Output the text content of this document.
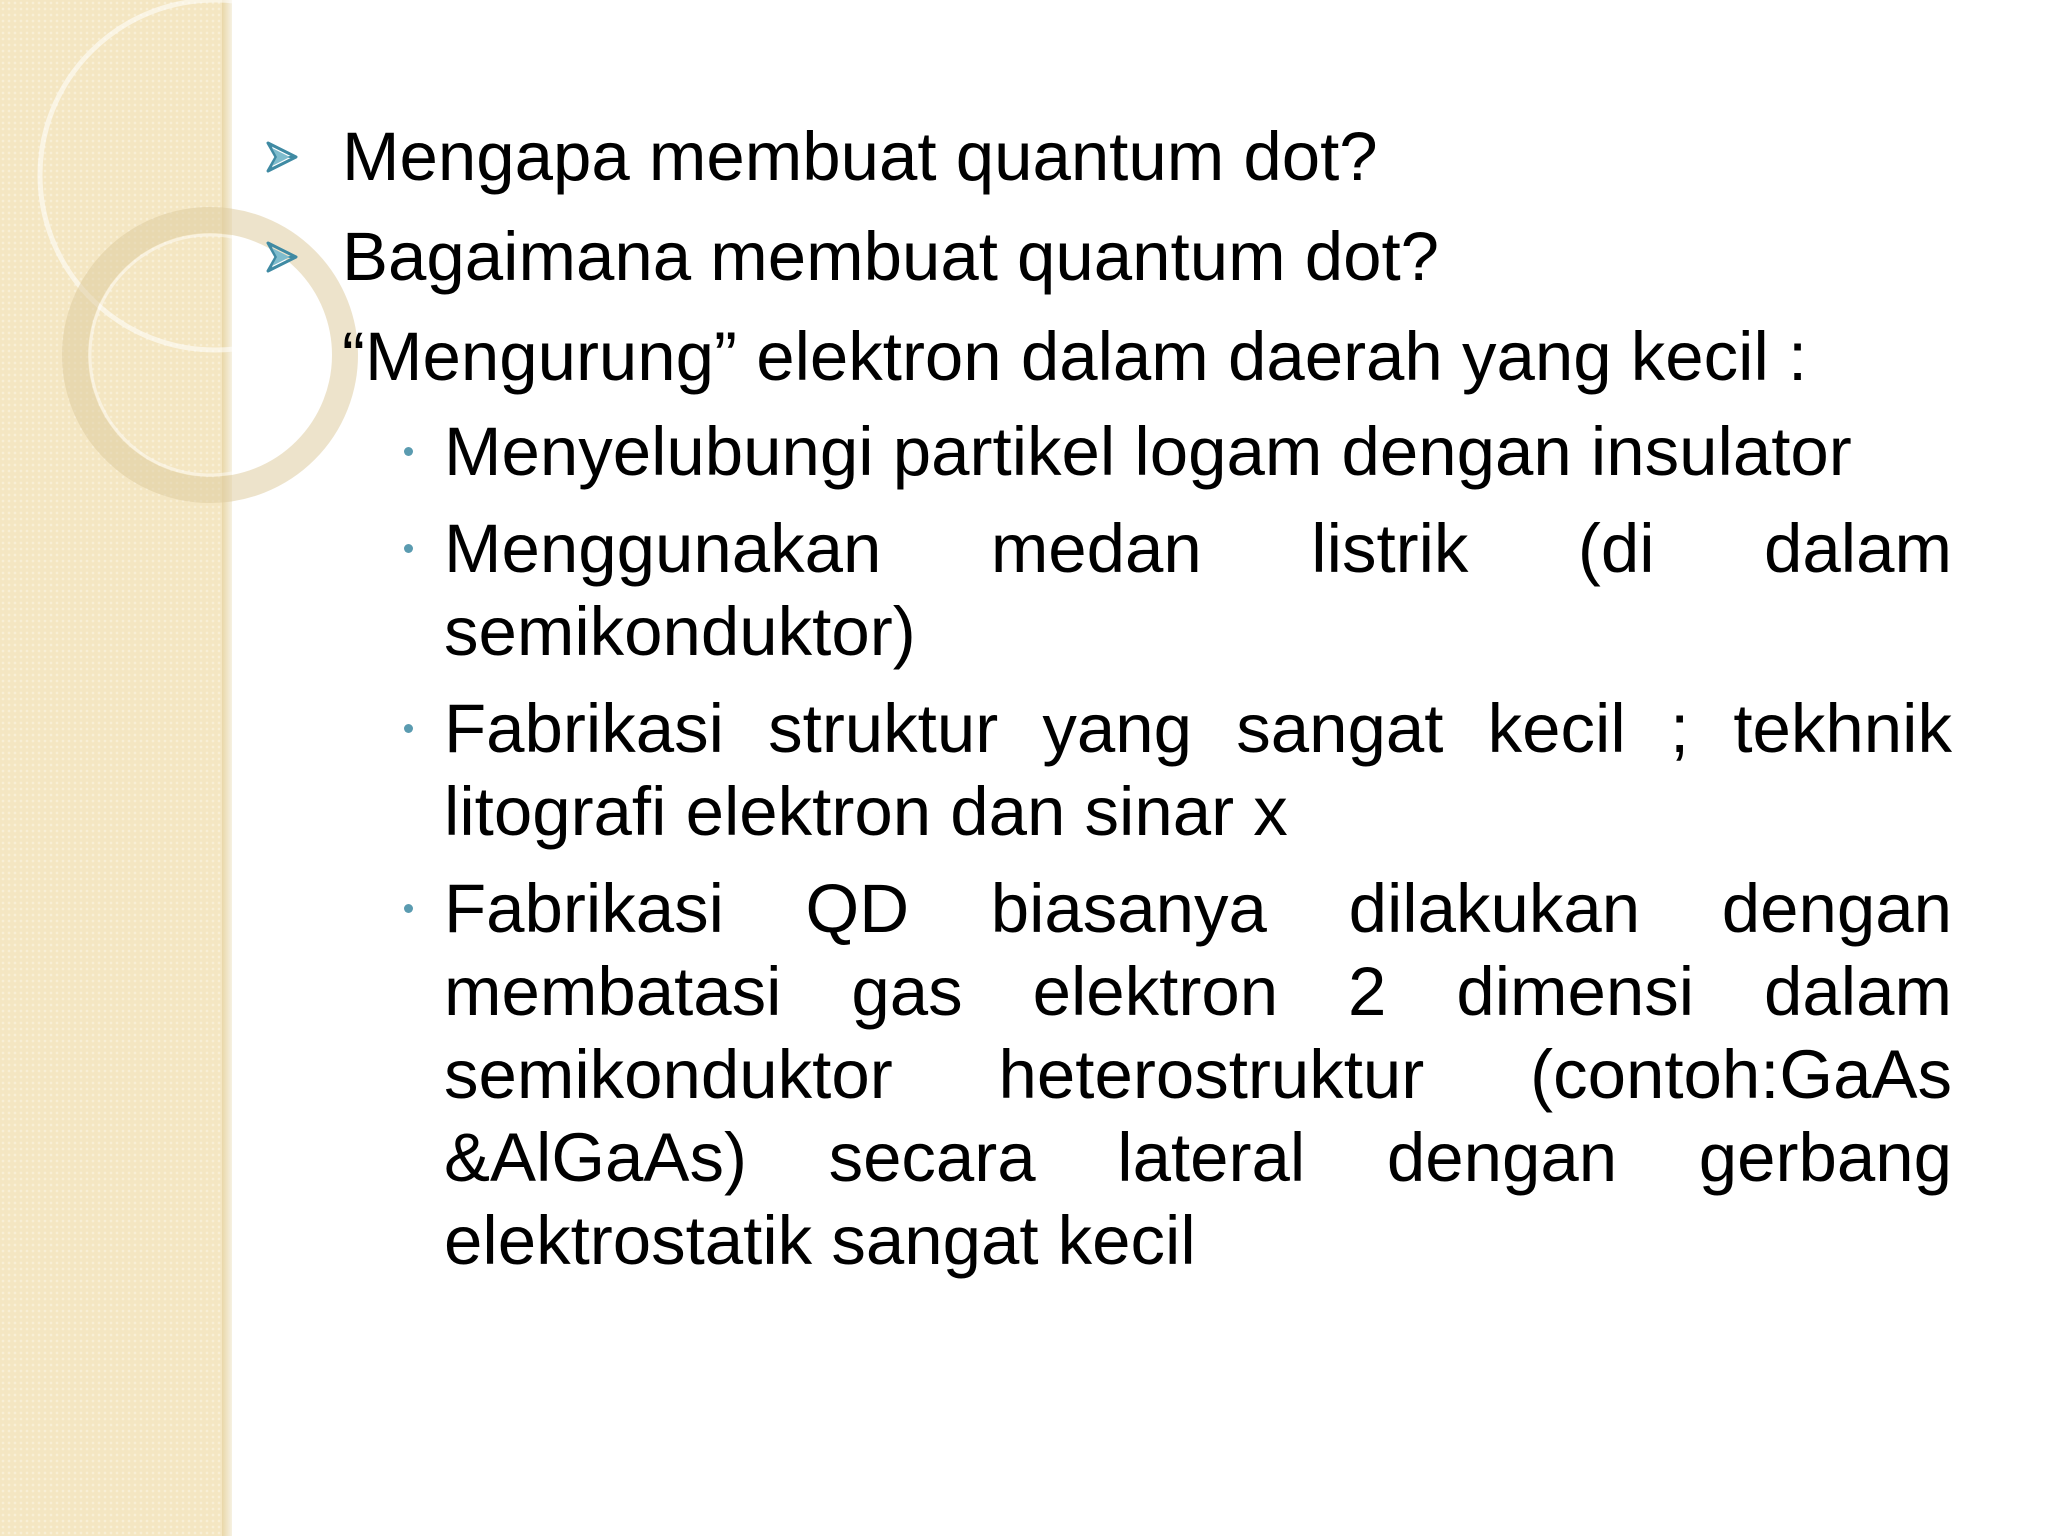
Mengapa membuat quantum dot?
Bagaimana membuat quantum dot?
“Mengurung” elektron dalam daerah yang kecil :
Menyelubungi partikel logam dengan insulator
Menggunakan medan listrik (di dalam semikonduktor)
Fabrikasi struktur yang sangat kecil ; tekhnik litografi elektron dan sinar x
Fabrikasi QD biasanya dilakukan dengan membatasi gas elektron 2 dimensi dalam semikonduktor heterostruktur (contoh:GaAs &AlGaAs) secara lateral dengan gerbang elektrostatik sangat kecil
